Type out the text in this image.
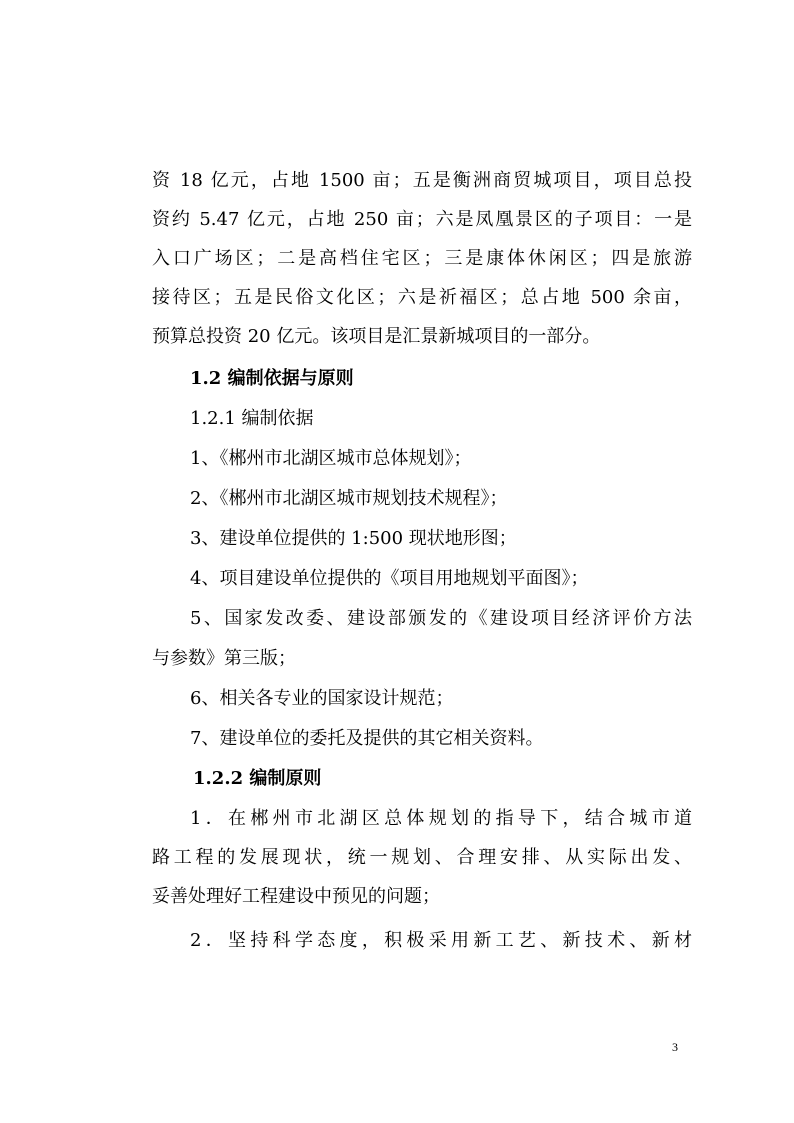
资 18 亿元，占地 1500 亩；五是衡洲商贸城项目，项目总投
资约 5.47 亿元，占地 250 亩；六是凤凰景区的子项目：一是
入口广场区；二是高档住宅区；三是康体休闲区；四是旅游
接待区；五是民俗文化区；六是祈福区；总占地 500 余亩，
预算总投资 20 亿元。该项目是汇景新城项目的一部分。
1.2 编制依据与原则
1.2.1 编制依据
1、《郴州市北湖区城市总体规划》；
2、《郴州市北湖区城市规划技术规程》；
3、建设单位提供的 1:500 现状地形图；
4、项目建设单位提供的《项目用地规划平面图》；
5、国家发改委、建设部颁发的《建设项目经济评价方法
与参数》第三版；
6、相关各专业的国家设计规范；
7、建设单位的委托及提供的其它相关资料。
1.2.2 编制原则
1．在郴州市北湖区总体规划的指导下，结合城市道
路工程的发展现状，统一规划、合理安排、从实际出发、
妥善处理好工程建设中预见的问题；
2．坚持科学态度，积极采用新工艺、新技术、新材
3
